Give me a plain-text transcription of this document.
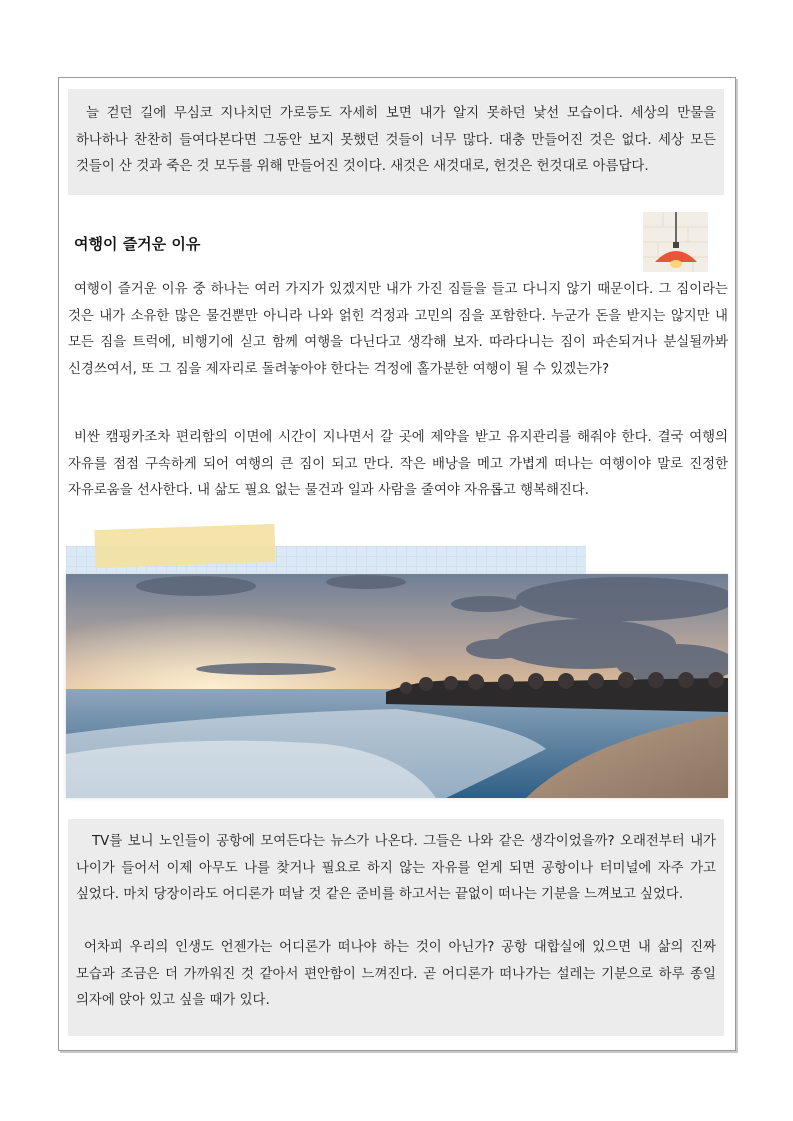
늘 걷던 길에 무심코 지나치던 가로등도 자세히 보면 내가 알지 못하던 낯선 모습이다. 세상의 만물을 하나하나 찬찬히 들여다본다면 그동안 보지 못했던 것들이 너무 많다. 대충 만들어진 것은 없다. 세상 모든 것들이 산 것과 죽은 것 모두를 위해 만들어진 것이다. 새것은 새것대로, 헌것은 헌것대로 아름답다.

여행이 즐거운 이유

여행이 즐거운 이유 중 하나는 여러 가지가 있겠지만 내가 가진 짐들을 들고 다니지 않기 때문이다. 그 짐이라는 것은 내가 소유한 많은 물건뿐만 아니라 나와 얽힌 걱정과 고민의 짐을 포함한다. 누군가 돈을 받지는 않지만 내 모든 짐을 트럭에, 비행기에 싣고 함께 여행을 다닌다고 생각해 보자. 따라다니는 짐이 파손되거나 분실될까봐 신경쓰여서, 또 그 짐을 제자리로 돌려놓아야 한다는 걱정에 홀가분한 여행이 될 수 있겠는가?

비싼 캠핑카조차 편리함의 이면에 시간이 지나면서 갈 곳에 제약을 받고 유지관리를 해줘야 한다. 결국 여행의 자유를 점점 구속하게 되어 여행의 큰 짐이 되고 만다. 작은 배낭을 메고 가볍게 떠나는 여행이야 말로 진정한 자유로움을 선사한다. 내 삶도 필요 없는 물건과 일과 사람을 줄여야 자유롭고 행복해진다.

TV를 보니 노인들이 공항에 모여든다는 뉴스가 나온다. 그들은 나와 같은 생각이었을까? 오래전부터 내가 나이가 들어서 이제 아무도 나를 찾거나 필요로 하지 않는 자유를 얻게 되면 공항이나 터미널에 자주 가고 싶었다. 마치 당장이라도 어디론가 떠날 것 같은 준비를 하고서는 끝없이 떠나는 기분을 느껴보고 싶었다.

어차피 우리의 인생도 언젠가는 어디론가 떠나야 하는 것이 아닌가? 공항 대합실에 있으면 내 삶의 진짜 모습과 조금은 더 가까워진 것 같아서 편안함이 느껴진다. 곧 어디론가 떠나가는 설레는 기분으로 하루 종일 의자에 앉아 있고 싶을 때가 있다.
